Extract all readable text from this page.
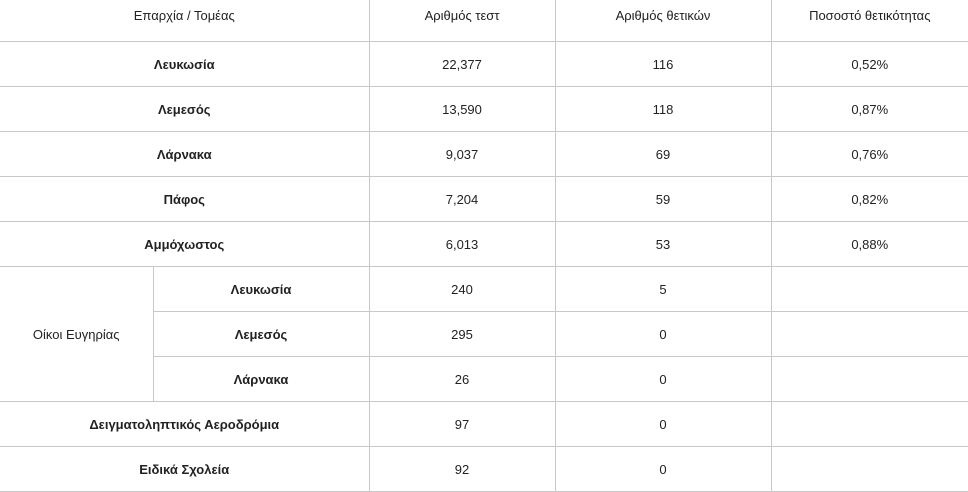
Επαρχία / Τομέας		Αριθμός τεστ	Αριθμός θετικών	Ποσοστό θετικότητας
Λευκωσία		22,377	116	0,52%
Λεμεσός		13,590	118	0,87%
Λάρνακα		9,037	69	0,76%
Πάφος		7,204	59	0,82%
Αμμόχωστος		6,013	53	0,88%
Οίκοι Ευγηρίας	Λευκωσία	240	5	
	Λεμεσός	295	0	
	Λάρνακα	26	0	
Δειγματοληπτικός Αεροδρόμια		97	0	
Ειδικά Σχολεία		92	0	
